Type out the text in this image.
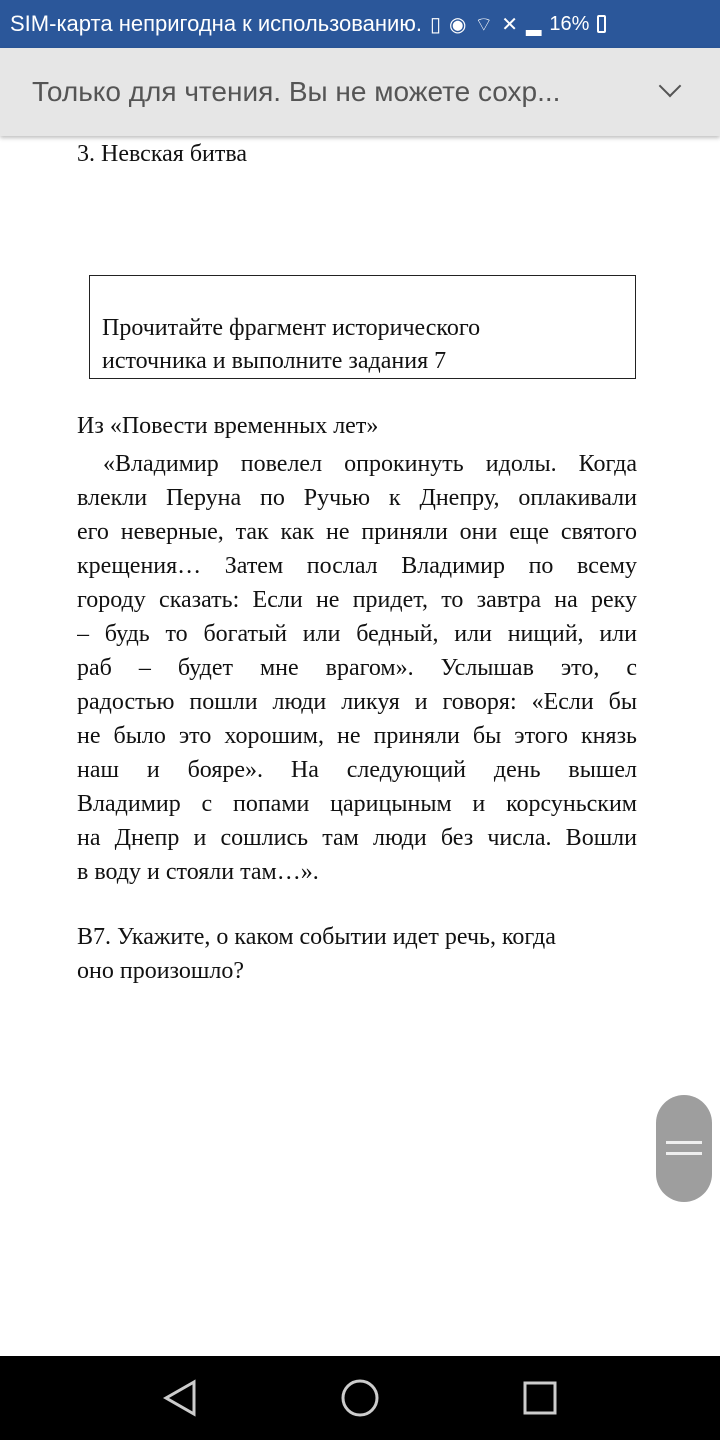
SIM-карта непригодна к использованию. ▯ ◉ ⌔ ✕ ▂ 16%
Только для чтения. Вы не можете сохр...
3. Невская битва
Прочитайте фрагмент исторического
источника и выполните задания 7
Из «Повести временных лет»
«Владимир повелел опрокинуть идолы. Когда
влекли Перуна по Ручью к Днепру, оплакивали
его неверные, так как не приняли они еще святого
крещения… Затем послал Владимир по всему
городу сказать: Если не придет, то завтра на реку
– будь то богатый или бедный, или нищий, или
раб – будет мне врагом». Услышав это, с
радостью пошли люди ликуя и говоря: «Если бы
не было это хорошим, не приняли бы этого князь
наш и бояре». На следующий день вышел
Владимир с попами царицыным и корсуньским
на Днепр и сошлись там люди без числа. Вошли
в воду и стояли там…».
В7. Укажите, о каком событии идет речь, когда
оно произошло?
